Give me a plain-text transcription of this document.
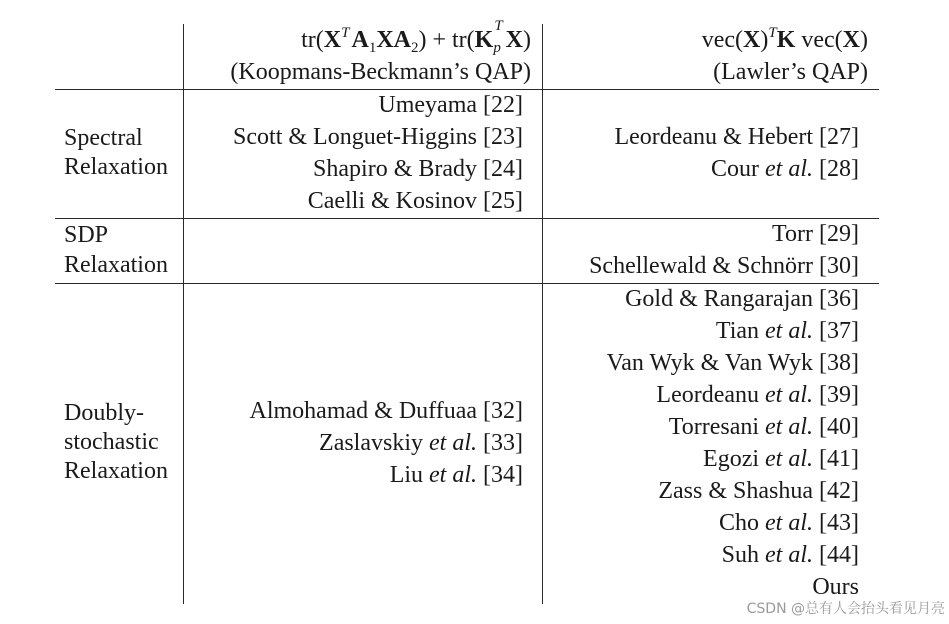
$tr(X^T$ $A_1XA_2) + tr(K$
T
$_p$  X)
(Koopmans-Beckmann’s QAP)
$vec(X)^TK$ vec(X)
(Lawler’s QAP)
Spectral
Relaxation
Umeyama [22]
Scott & Longuet-Higgins [23]
Shapiro & Brady [24]
Caelli & Kosinov [25]
Leordeanu & Hebert [27]
Cour et al. [28]
SDP
Relaxation
Torr [29]
Schellewald & Schnörr [30]
Doubly-
stochastic
Relaxation
Almohamad & Duffuaa [32]
Zaslavskiy et al. [33]
Liu et al. [34]
Gold & Rangarajan [36]
Tian et al. [37]
Van Wyk & Van Wyk [38]
Leordeanu et al. [39]
Torresani et al. [40]
Egozi et al. [41]
Zass & Shashua [42]
Cho et al. [43]
Suh et al. [44]
Ours
CSDN @总有人会抬头看见月亮
